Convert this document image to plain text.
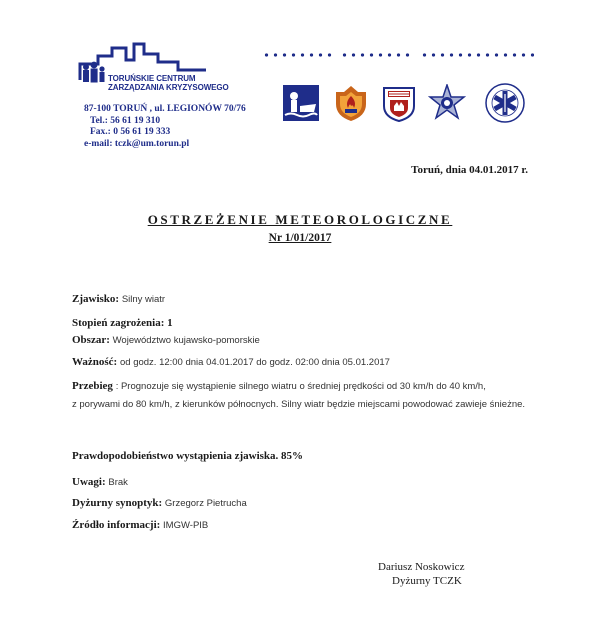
TORUŃSKIE CENTRUM
ZARZĄDZANIA KRYZYSOWEGO
87-100 TORUŃ , ul. LEGIONÓW 70/76
Tel.: 56 61 19 310
Fax.: 0 56 61 19 333
e-mail: tczk@um.torun.pl
Toruń, dnia 04.01.2017 r.
OSTRZEŻENIE METEOROLOGICZNE
Nr 1/01/2017
Zjawisko: Silny wiatr
Stopień zagrożenia: 1
Obszar: Województwo kujawsko-pomorskie
Ważność: od godz. 12:00 dnia 04.01.2017 do godz. 02:00 dnia 05.01.2017
Przebieg : Prognozuje się wystąpienie silnego wiatru o średniej prędkości od 30 km/h do 40 km/h,
z porywami do 80 km/h, z kierunków północnych. Silny wiatr będzie miejscami powodować zawieje śnieżne.
Prawdopodobieństwo wystąpienia zjawiska. 85%
Uwagi: Brak
Dyżurny synoptyk: Grzegorz Pietrucha
Źródło informacji: IMGW-PIB
Dariusz Noskowicz
Dyżurny TCZK
